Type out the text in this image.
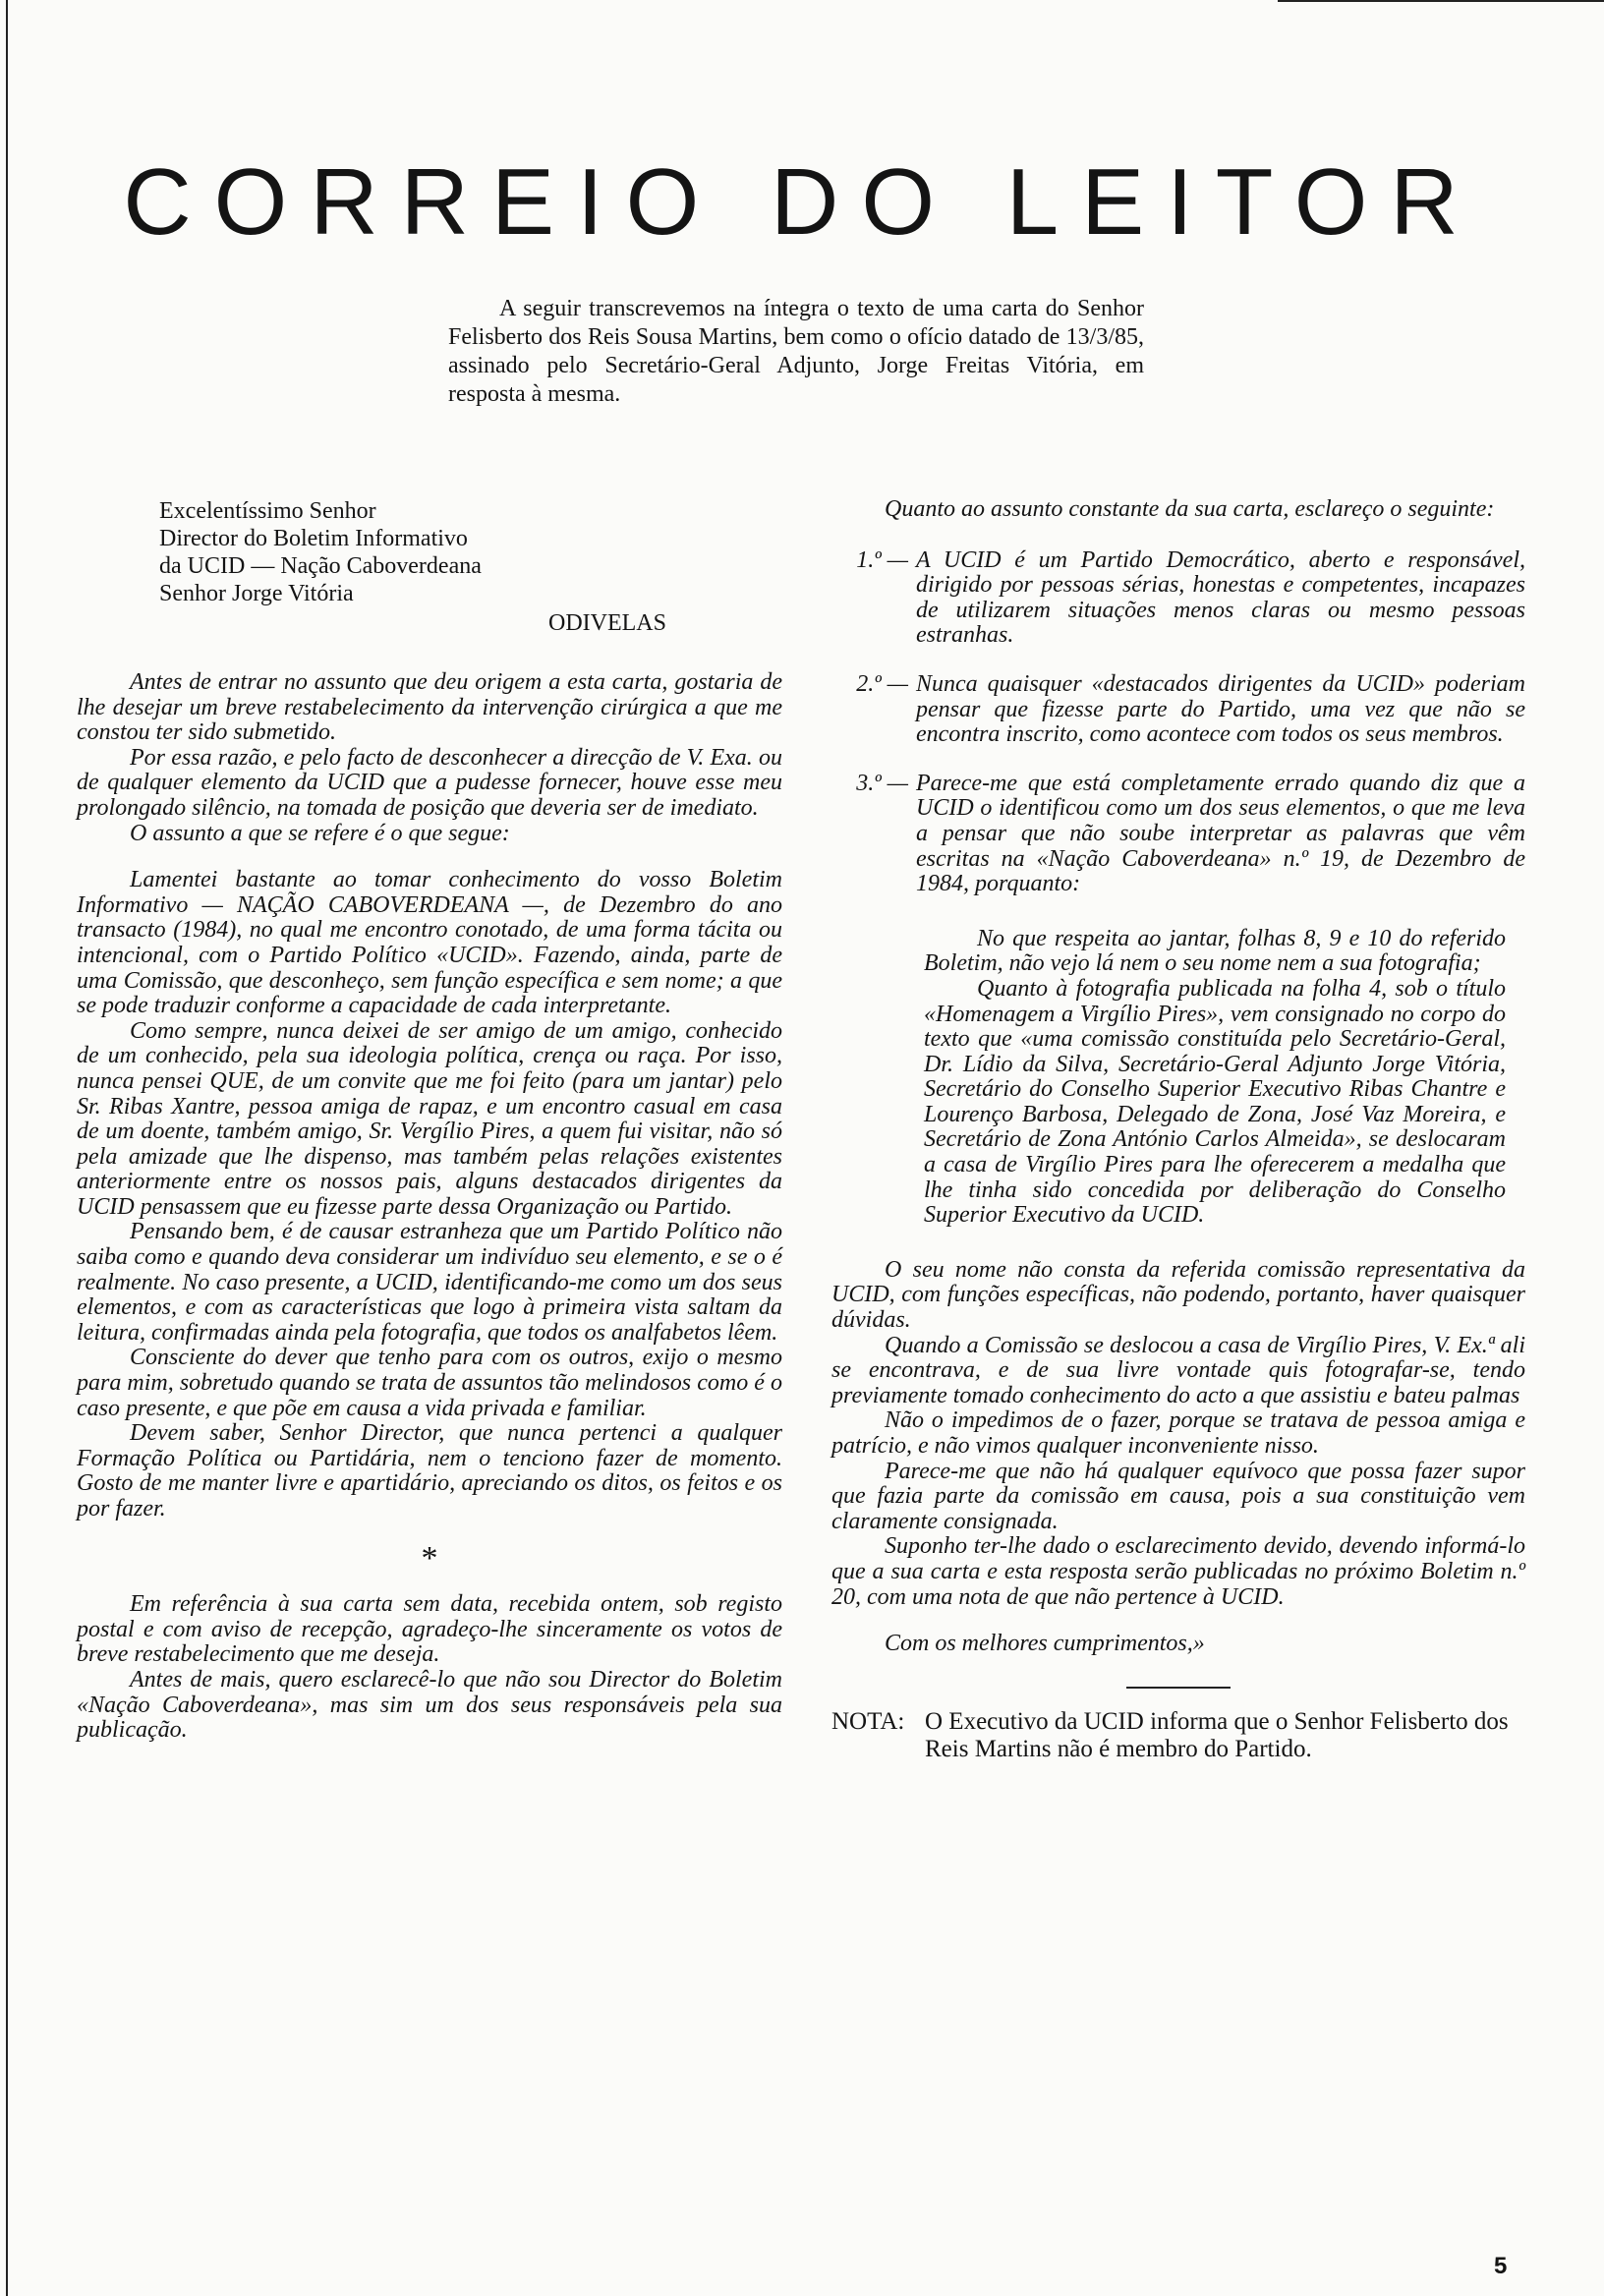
CORREIO DO LEITOR

A seguir transcrevemos na íntegra o texto de uma carta do Senhor Felisberto dos Reis Sousa Martins, bem como o ofício datado de 13/3/85, assinado pelo Secretário-Geral Adjunto, Jorge Freitas Vitória, em resposta à mesma.

Excelentíssimo Senhor
Director do Boletim Informativo
da UCID — Nação Caboverdeana
Senhor Jorge Vitória
ODIVELAS

Antes de entrar no assunto que deu origem a esta carta, gostaria de lhe desejar um breve restabelecimento da intervenção cirúrgica a que me constou ter sido submetido.

Por essa razão, e pelo facto de desconhecer a direcção de V. Exa. ou de qualquer elemento da UCID que a pudesse fornecer, houve esse meu prolongado silêncio, na tomada de posição que deveria ser de imediato.

O assunto a que se refere é o que segue:

Lamentei bastante ao tomar conhecimento do vosso Boletim Informativo — NAÇÃO CABOVERDEANA —, de Dezembro do ano transacto (1984), no qual me encontro conotado, de uma forma tácita ou intencional, com o Partido Político «UCID». Fazendo, ainda, parte de uma Comissão, que desconheço, sem função específica e sem nome; a que se pode traduzir conforme a capacidade de cada interpretante.

Como sempre, nunca deixei de ser amigo de um amigo, conhecido de um conhecido, pela sua ideologia política, crença ou raça. Por isso, nunca pensei QUE, de um convite que me foi feito (para um jantar) pelo Sr. Ribas Xantre, pessoa amiga de rapaz, e um encontro casual em casa de um doente, também amigo, Sr. Vergílio Pires, a quem fui visitar, não só pela amizade que lhe dispenso, mas também pelas relações existentes anteriormente entre os nossos pais, alguns destacados dirigentes da UCID pensassem que eu fizesse parte dessa Organização ou Partido.

Pensando bem, é de causar estranheza que um Partido Político não saiba como e quando deva considerar um indivíduo seu elemento, e se o é realmente. No caso presente, a UCID, identificando-me como um dos seus elementos, e com as características que logo à primeira vista saltam da leitura, confirmadas ainda pela fotografia, que todos os analfabetos lêem.

Consciente do dever que tenho para com os outros, exijo o mesmo para mim, sobretudo quando se trata de assuntos tão melindosos como é o caso presente, e que põe em causa a vida privada e familiar.

Devem saber, Senhor Director, que nunca pertenci a qualquer Formação Política ou Partidária, nem o tenciono fazer de momento. Gosto de me manter livre e apartidário, apreciando os ditos, os feitos e os por fazer.

*

Em referência à sua carta sem data, recebida ontem, sob registo postal e com aviso de recepção, agradeço-lhe sinceramente os votos de breve restabelecimento que me deseja.

Antes de mais, quero esclarecê-lo que não sou Director do Boletim «Nação Caboverdeana», mas sim um dos seus responsáveis pela sua publicação.

Quanto ao assunto constante da sua carta, esclareço o seguinte:

1.º — A UCID é um Partido Democrático, aberto e responsável, dirigido por pessoas sérias, honestas e competentes, incapazes de utilizarem situações menos claras ou mesmo pessoas estranhas.
2.º — Nunca quaisquer «destacados dirigentes da UCID» poderiam pensar que fizesse parte do Partido, uma vez que não se encontra inscrito, como acontece com todos os seus membros.
3.º — Parece-me que está completamente errado quando diz que a UCID o identificou como um dos seus elementos, o que me leva a pensar que não soube interpretar as palavras que vêm escritas na «Nação Caboverdeana» n.º 19, de Dezembro de 1984, porquanto:

No que respeita ao jantar, folhas 8, 9 e 10 do referido Boletim, não vejo lá nem o seu nome nem a sua fotografia;

Quanto à fotografia publicada na folha 4, sob o título «Homenagem a Virgílio Pires», vem consignado no corpo do texto que «uma comissão constituída pelo Secretário-Geral, Dr. Lídio da Silva, Secretário-Geral Adjunto Jorge Vitória, Secretário do Conselho Superior Executivo Ribas Chantre e Lourenço Barbosa, Delegado de Zona, José Vaz Moreira, e Secretário de Zona António Carlos Almeida», se deslocaram a casa de Virgílio Pires para lhe oferecerem a medalha que lhe tinha sido concedida por deliberação do Conselho Superior Executivo da UCID.

O seu nome não consta da referida comissão representativa da UCID, com funções específicas, não podendo, portanto, haver quaisquer dúvidas.

Quando a Comissão se deslocou a casa de Virgílio Pires, V. Ex.ª ali se encontrava, e de sua livre vontade quis fotografar-se, tendo previamente tomado conhecimento do acto a que assistiu e bateu palmas

Não o impedimos de o fazer, porque se tratava de pessoa amiga e patrício, e não vimos qualquer inconveniente nisso.

Parece-me que não há qualquer equívoco que possa fazer supor que fazia parte da comissão em causa, pois a sua constituição vem claramente consignada.

Suponho ter-lhe dado o esclarecimento devido, devendo informá-lo que a sua carta e esta resposta serão publicadas no próximo Boletim n.º 20, com uma nota de que não pertence à UCID.

Com os melhores cumprimentos,»

NOTA: O Executivo da UCID informa que o Senhor Felisberto dos Reis Martins não é membro do Partido.
5
